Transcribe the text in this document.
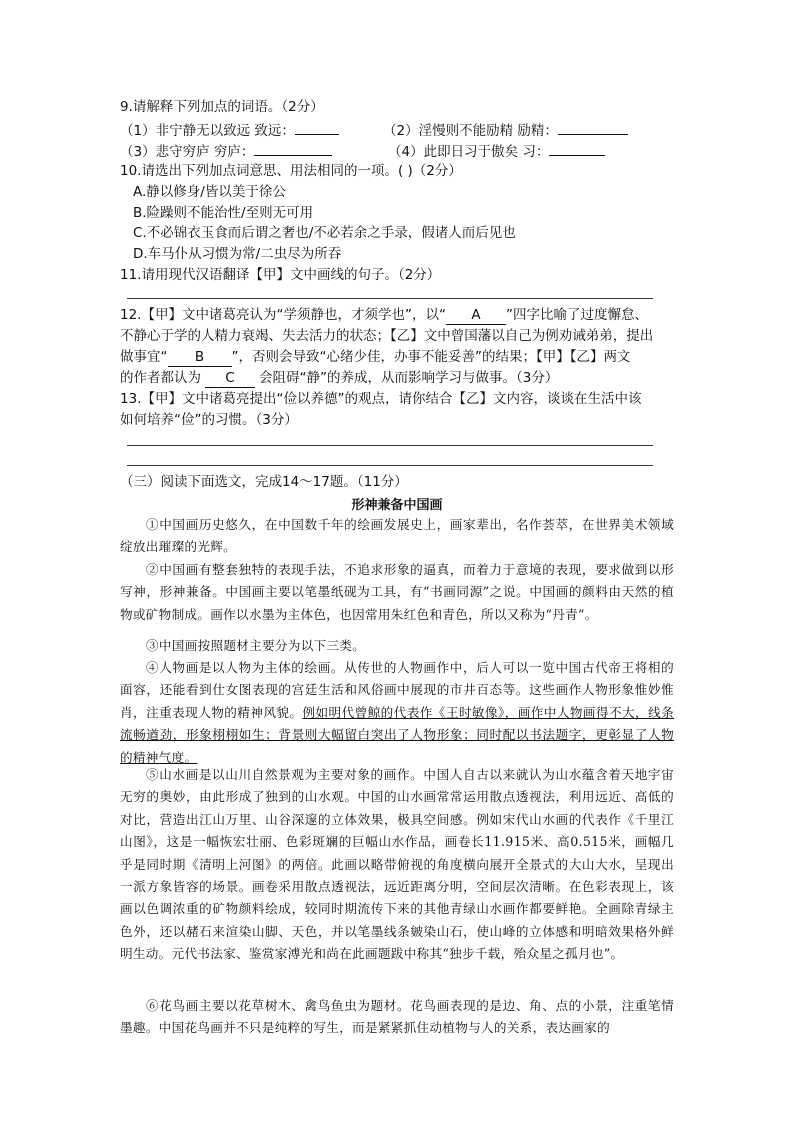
9.请解释下列加点的词语。（2分）
（1）非宁静无以致远 致远：	（2）淫慢则不能励精 励精：
（3）悲守穷庐 穷庐：	（4）此即日习于傲矣 习：
10.请选出下列加点词意思、用法相同的一项。( )（2分）
A.静以修身/皆以美于徐公
B.险躁则不能治性/至则无可用
C.不必锦衣玉食而后谓之奢也/不必若余之手录，假诸人而后见也
D.车马仆从习惯为常/二虫尽为所吞
11.请用现代汉语翻译【甲】文中画线的句子。（2分）
12.【甲】文中诸葛亮认为“学须静也，才须学也”，以“ A ”四字比喻了过度懈怠、
不静心于学的人精力衰竭、失去活力的状态；【乙】文中曾国藩以自己为例劝诫弟弟，提出
做事宜“ B ”，否则会导致“心绪少佳，办事不能妥善”的结果；【甲】【乙】两文
的作者都认为 C 会阻碍“静”的养成，从而影响学习与做事。（3分）
13.【甲】文中诸葛亮提出“俭以养德”的观点，请你结合【乙】文内容，谈谈在生活中该
如何培养“俭”的习惯。（3分）
（三）阅读下面选文，完成14～17题。（11分）
形神兼备中国画
①中国画历史悠久，在中国数千年的绘画发展史上，画家辈出，名作荟萃，在世界美术领域绽放出璀璨的光辉。
②中国画有整套独特的表现手法，不追求形象的逼真，而着力于意境的表现，要求做到以形写神，形神兼备。中国画主要以笔墨纸砚为工具，有“书画同源”之说。中国画的颜料由天然的植物或矿物制成。画作以水墨为主体色，也因常用朱红色和青色，所以又称为“丹青”。
③中国画按照题材主要分为以下三类。
④人物画是以人物为主体的绘画。从传世的人物画作中，后人可以一览中国古代帝王将相的面容，还能看到仕女图表现的宫廷生活和风俗画中展现的市井百态等。这些画作人物形象惟妙惟肖，注重表现人物的精神风貌。例如明代曾鲸的代表作《王时敏像》，画作中人物画得不大，线条流畅遒劲，形象栩栩如生；背景则大幅留白突出了人物形象；同时配以书法题字，更彰显了人物的精神气度。
⑤山水画是以山川自然景观为主要对象的画作。中国人自古以来就认为山水蕴含着天地宇宙无穷的奥妙，由此形成了独到的山水观。中国的山水画常常运用散点透视法，利用远近、高低的对比，营造出江山万里、山谷深邃的立体效果，极具空间感。例如宋代山水画的代表作《千里江山图》，这是一幅恢宏壮丽、色彩斑斓的巨幅山水作品，画卷长11.915米、高0.515米，画幅几乎是同时期《清明上河图》的两倍。此画以略带俯视的角度横向展开全景式的大山大水，呈现出一派方象皆容的场景。画卷采用散点透视法，远近距离分明，空间层次清晰。在色彩表现上，该画以色调浓重的矿物颜料绘成，较同时期流传下来的其他青绿山水画作都要鲜艳。全画除青绿主色外，还以赭石来渲染山脚、天色，并以笔墨线条皴染山石，使山峰的立体感和明暗效果格外鲜明生动。元代书法家、鉴赏家溥光和尚在此画题跋中称其“独步千载，殆众星之孤月也”。
⑥花鸟画主要以花草树木、禽鸟鱼虫为题材。花鸟画表现的是边、角、点的小景，注重笔情墨趣。中国花鸟画并不只是纯粹的写生，而是紧紧抓住动植物与人的关系，表达画家的
